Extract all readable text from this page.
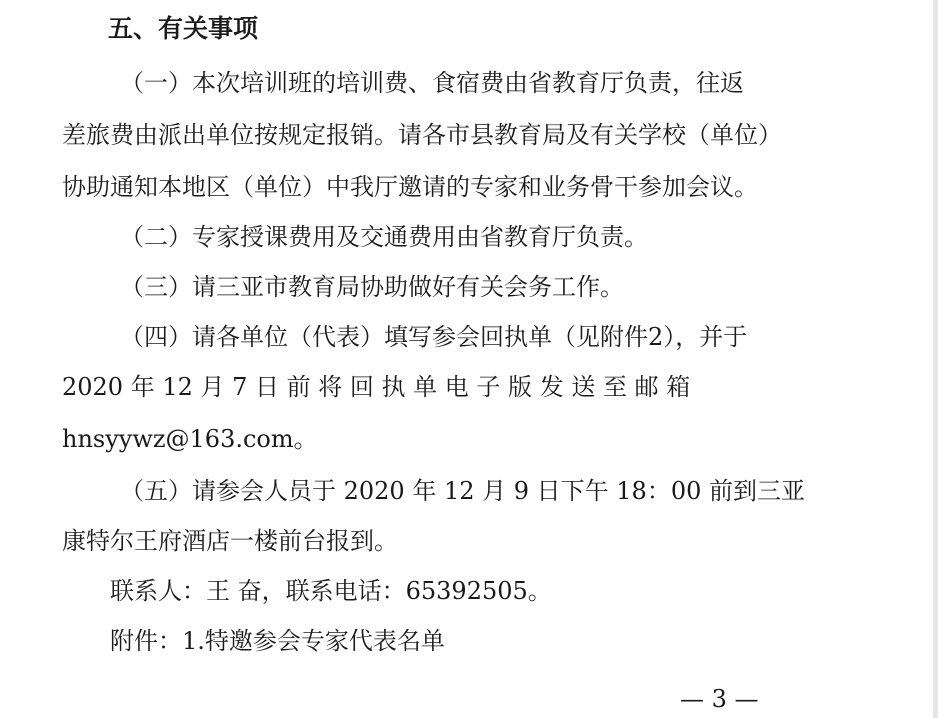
五、有关事项
（一）本次培训班的培训费、食宿费由省教育厅负责，往返
差旅费由派出单位按规定报销。请各市县教育局及有关学校（单位）
协助通知本地区（单位）中我厅邀请的专家和业务骨干参加会议。
（二）专家授课费用及交通费用由省教育厅负责。
（三）请三亚市教育局协助做好有关会务工作。
（四）请各单位（代表）填写参会回执单（见附件2），并于
2020 年 12 月 7 日 前 将 回 执 单 电 子 版 发 送 至 邮 箱
hnsyywz@163.com。
（五）请参会人员于 2020 年 12 月 9 日下午 18：00 前到三亚
康特尔王府酒店一楼前台报到。
联系人：王 奋，联系电话：65392505。
附件：1.特邀参会专家代表名单
— 3 —
